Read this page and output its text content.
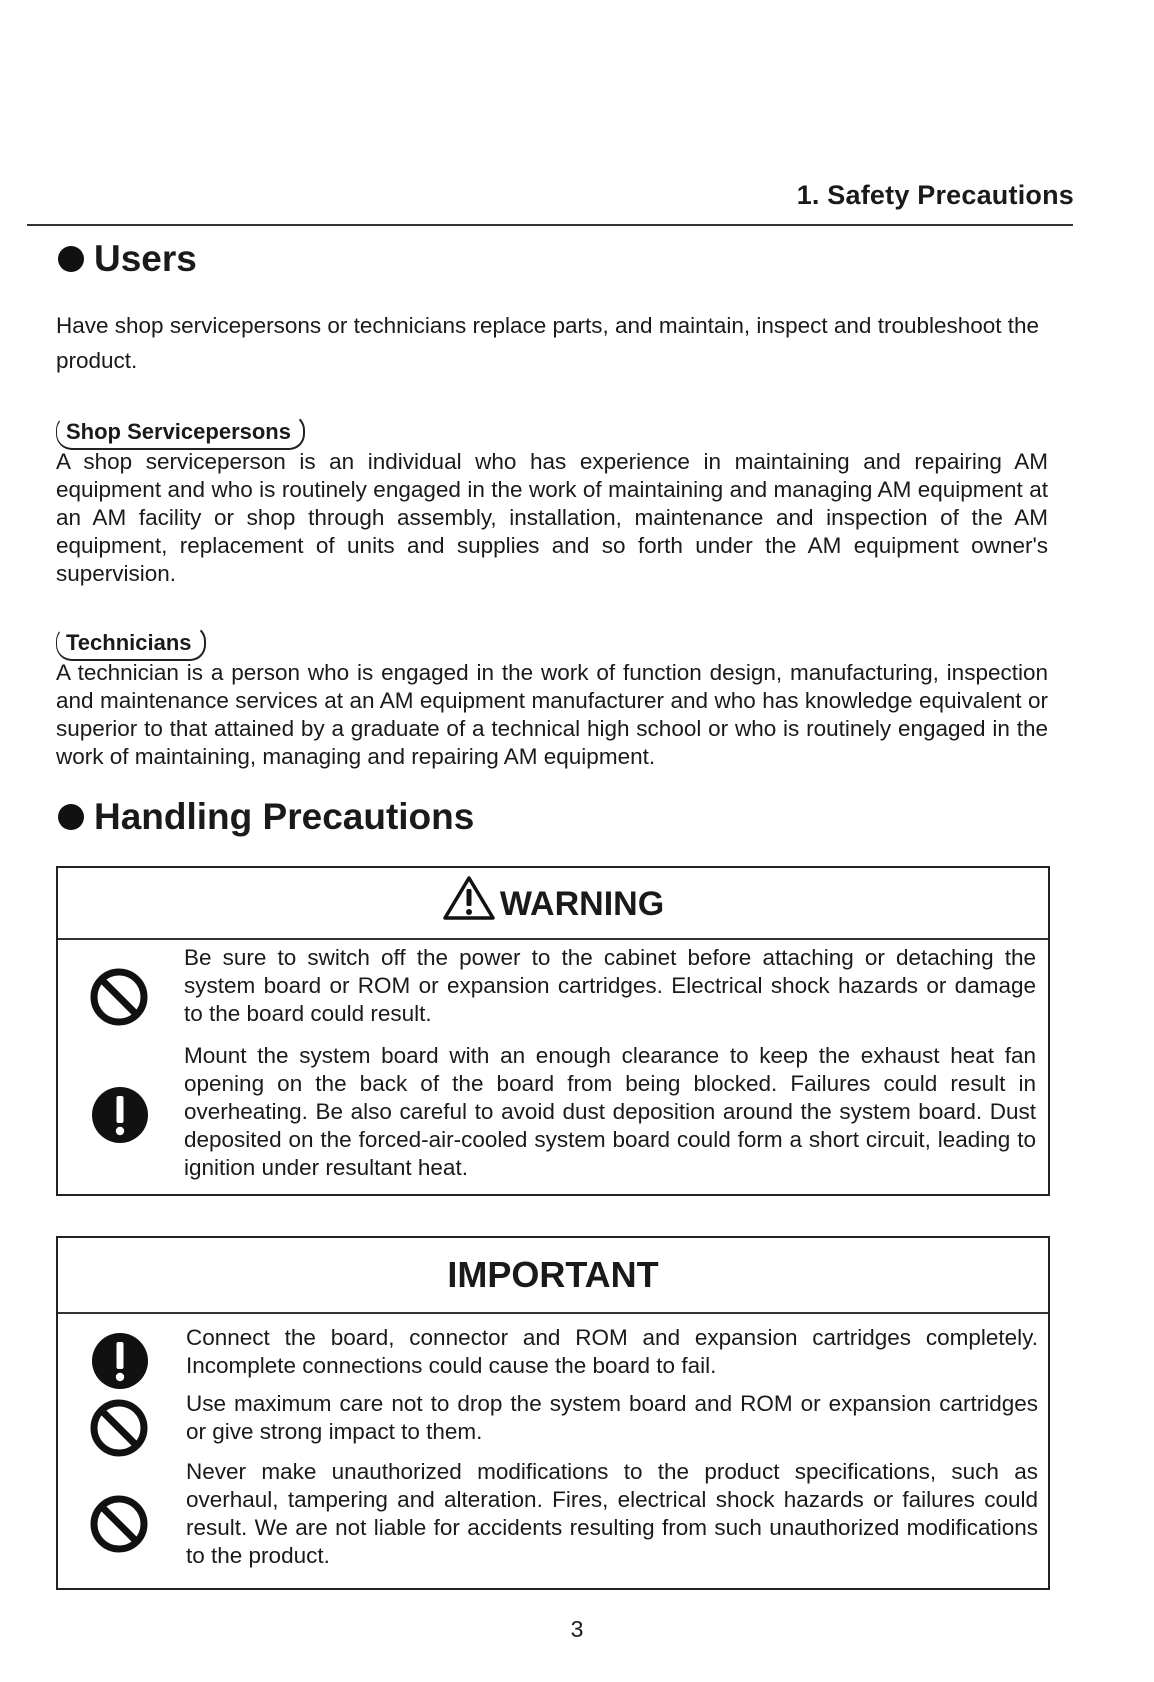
1. Safety Precautions
Users
Have shop servicepersons or technicians replace parts, and maintain, inspect and troubleshoot the product.
Shop Servicepersons
A shop serviceperson is an individual who has experience in maintaining and repairing AM equipment and who is routinely engaged in the work of maintaining and managing AM equipment at an AM facility or shop through assembly, installation, maintenance and inspection of the AM equipment, replacement of units and supplies and so forth under the AM equipment owner's supervision.
Technicians
A technician is a person who is engaged in the work of function design, manufacturing, inspection and maintenance services at an AM equipment manufacturer and who has knowledge equivalent or superior to that attained by a graduate of a technical high school or who is routinely engaged in the work of maintaining, managing and repairing AM equipment.
Handling Precautions
WARNING
Be sure to switch off the power to the cabinet before attaching or detaching the system board or ROM or expansion cartridges. Electrical shock hazards or damage to the board could result.
Mount the system board with an enough clearance to keep the exhaust heat fan opening on the back of the board from being blocked. Failures could result in overheating. Be also careful to avoid dust deposition around the system board. Dust deposited on the forced-air-cooled system board could form a short circuit, leading to ignition under resultant heat.
IMPORTANT
Connect the board, connector and ROM and expansion cartridges completely. Incomplete connections could cause the board to fail.
Use maximum care not to drop the system board and ROM or expansion cartridges or give strong impact to them.
Never make unauthorized modifications to the product specifications, such as overhaul, tampering and alteration. Fires, electrical shock hazards or failures could result. We are not liable for accidents resulting from such unauthorized modifications to the product.
3
